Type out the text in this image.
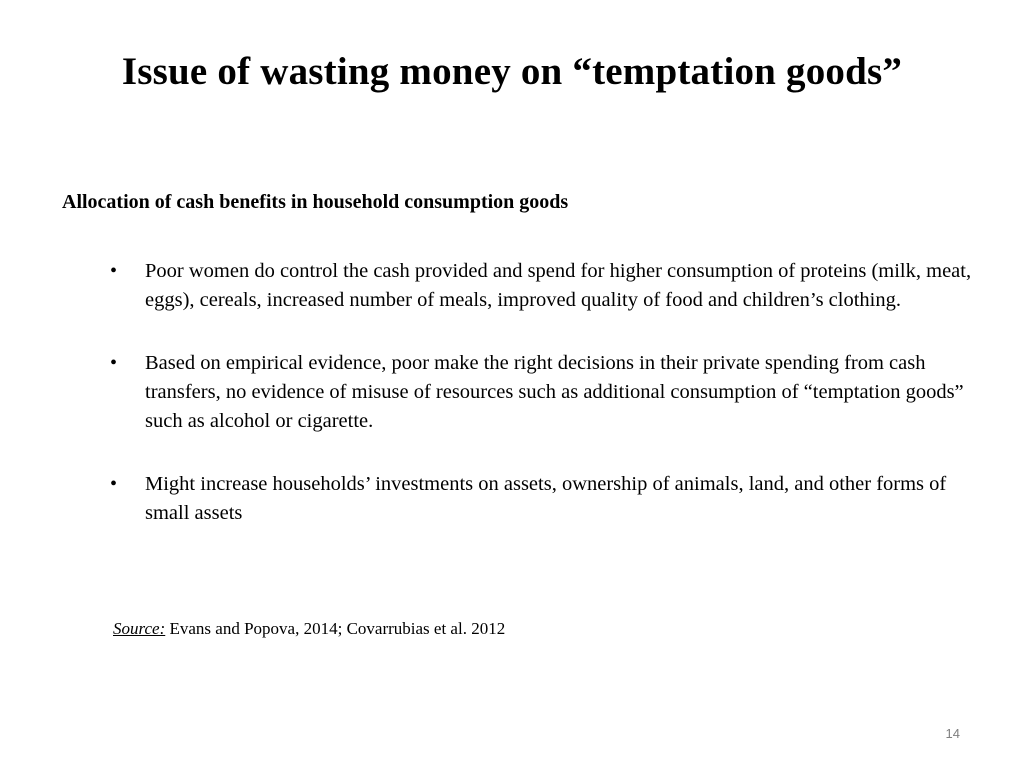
Issue of wasting money on “temptation goods”
Allocation of cash benefits in household consumption goods
• Poor women do control the cash provided and spend for higher consumption of proteins (milk, meat, eggs), cereals, increased number of meals, improved quality of food and children’s clothing.
• Based on empirical evidence, poor make the right decisions in their private spending from cash transfers, no evidence of misuse of resources such as additional consumption of “temptation goods” such as alcohol or cigarette.
• Might increase households’ investments on assets, ownership of animals, land, and other forms of small assets
Source: Evans and Popova, 2014; Covarrubias et al. 2012
14
